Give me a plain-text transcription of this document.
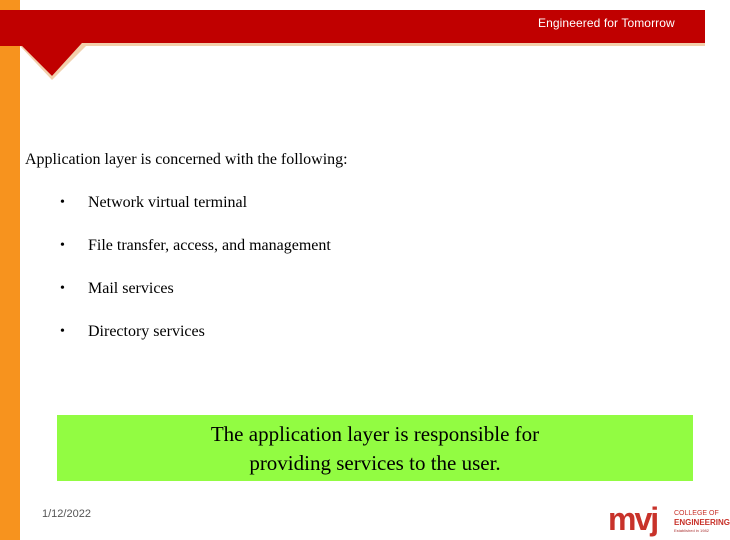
Engineered for Tomorrow
Application layer is concerned with the following:
• Network virtual terminal
• File transfer, access, and management
• Mail services
• Directory services
The application layer is responsible for
providing services to the user.
1/12/2022	mvj COLLEGE OF
ENGINEERING
Established in 1982
